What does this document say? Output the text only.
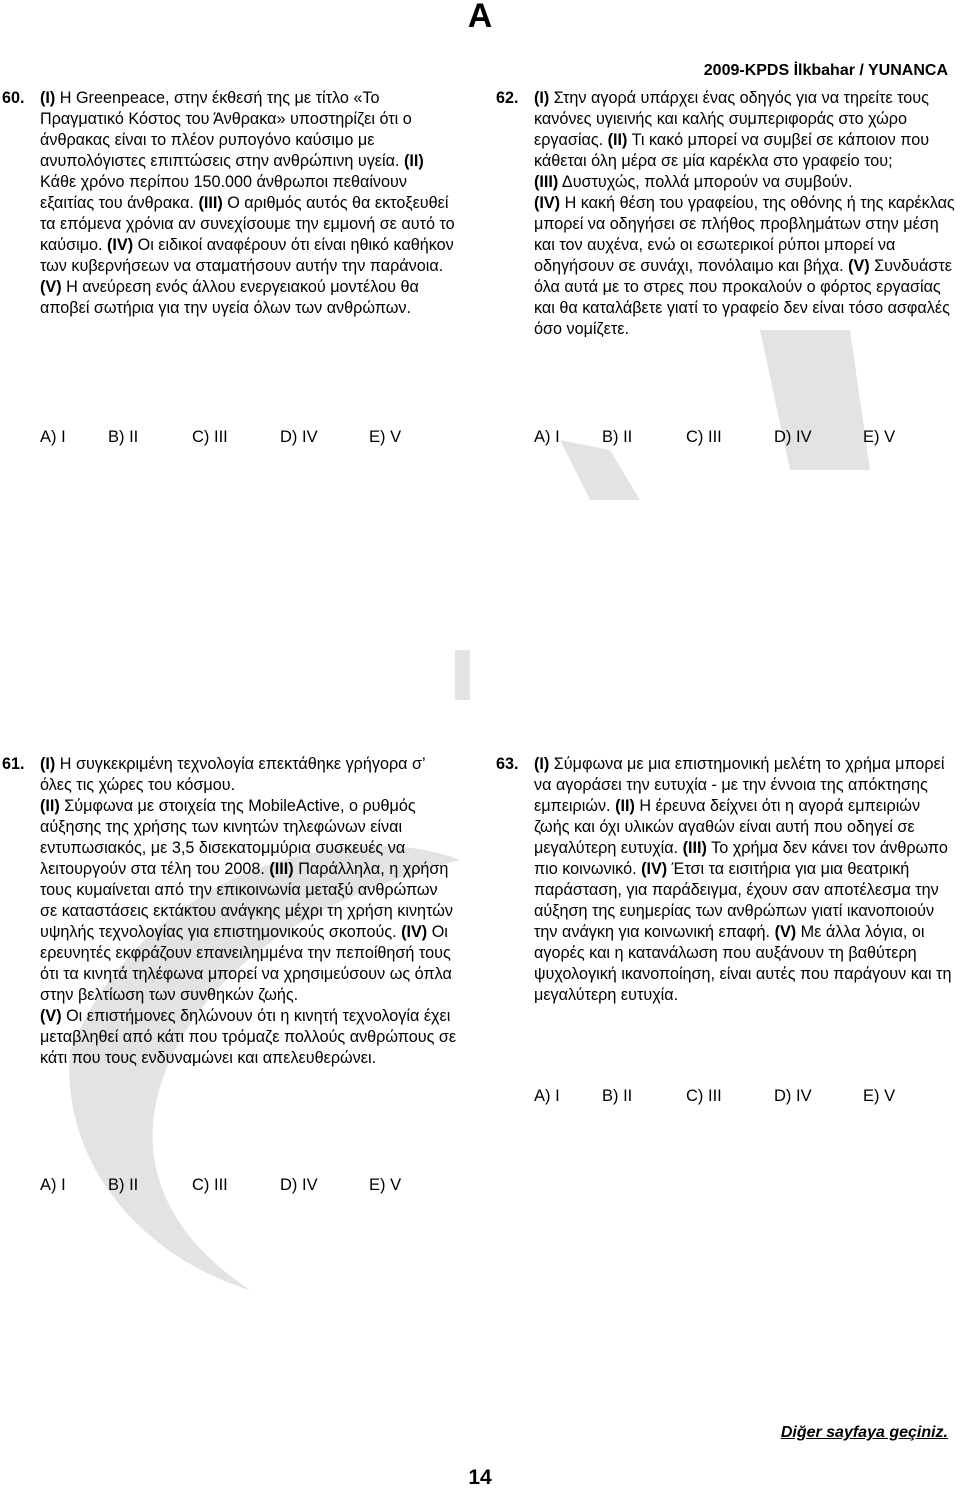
A
2009-KPDS İlkbahar / YUNANCA
60. (I) Η Greenpeace, στην έκθεσή της με τίτλο «Το Πραγματικό Κόστος του Άνθρακα» υποστηρίζει ότι ο άνθρακας είναι το πλέον ρυπογόνο καύσιμο με ανυπολόγιστες επιπτώσεις στην ανθρώπινη υγεία. (II) Κάθε χρόνο περίπου 150.000 άνθρωποι πεθαίνουν εξαιτίας του άνθρακα. (III) Ο αριθμός αυτός θα εκτοξευθεί τα επόμενα χρόνια αν συνεχίσουμε την εμμονή σε αυτό το καύσιμο. (IV) Οι ειδικοί αναφέρουν ότι είναι ηθικό καθήκον των κυβερνήσεων να σταματήσουν αυτήν την παράνοια. (V) Η ανεύρεση ενός άλλου ενεργειακού μοντέλου θα αποβεί σωτήρια για την υγεία όλων των ανθρώπων.
A) I	B) II	C) III	D) IV	E) V
62. (I) Στην αγορά υπάρχει ένας οδηγός για να τηρείτε τους κανόνες υγιεινής και καλής συμπεριφοράς στο χώρο εργασίας. (II) Τι κακό μπορεί να συμβεί σε κάποιον που κάθεται όλη μέρα σε μία καρέκλα στο γραφείο του;
(III) Δυστυχώς, πολλά μπορούν να συμβούν.
(IV) Η κακή θέση του γραφείου, της οθόνης ή της καρέκλας μπορεί να οδηγήσει σε πλήθος προβλημάτων στην μέση και τον αυχένα, ενώ οι εσωτερικοί ρύποι μπορεί να οδηγήσουν σε συνάχι, πονόλαιμο και βήχα. (V) Συνδυάστε όλα αυτά με το στρες που προκαλούν ο φόρτος εργασίας και θα καταλάβετε γιατί το γραφείο δεν είναι τόσο ασφαλές όσο νομίζετε.
A) I	B) II	C) III	D) IV	E) V
61. (I) Η συγκεκριμένη τεχνολογία επεκτάθηκε γρήγορα σ’ όλες τις χώρες του κόσμου.
(II) Σύμφωνα με στοιχεία της MobileActive, ο ρυθμός αύξησης της χρήσης των κινητών τηλεφώνων είναι εντυπωσιακός, με 3,5 δισεκατομμύρια συσκευές να λειτουργούν στα τέλη του 2008. (III) Παράλληλα, η χρήση τους κυμαίνεται από την επικοινωνία μεταξύ ανθρώπων σε καταστάσεις εκτάκτου ανάγκης μέχρι τη χρήση κινητών υψηλής τεχνολογίας για επιστημονικούς σκοπούς. (IV) Οι ερευνητές εκφράζουν επανειλημμένα την πεποίθησή τους ότι τα κινητά τηλέφωνα μπορεί να χρησιμεύσουν ως όπλα στην βελτίωση των συνθηκών ζωής.
(V) Οι επιστήμονες δηλώνουν ότι η κινητή τεχνολογία έχει μεταβληθεί από κάτι που τρόμαζε πολλούς ανθρώπους σε κάτι που τους ενδυναμώνει και απελευθερώνει.
A) I	B) II	C) III	D) IV	E) V
63. (I) Σύμφωνα με μια επιστημονική μελέτη το χρήμα μπορεί να αγοράσει την ευτυχία - με την έννοια της απόκτησης εμπειριών. (II) Η έρευνα δείχνει ότι η αγορά εμπειριών ζωής και όχι υλικών αγαθών είναι αυτή που οδηγεί σε μεγαλύτερη ευτυχία. (III) Το χρήμα δεν κάνει τον άνθρωπο πιο κοινωνικό. (IV) Έτσι τα εισιτήρια για μια θεατρική παράσταση, για παράδειγμα, έχουν σαν αποτέλεσμα την αύξηση της ευημερίας των ανθρώπων γιατί ικανοποιούν την ανάγκη για κοινωνική επαφή. (V) Με άλλα λόγια, οι αγορές και η κατανάλωση που αυξάνουν τη βαθύτερη ψυχολογική ικανοποίηση, είναι αυτές που παράγουν και τη μεγαλύτερη ευτυχία.
A) I	B) II	C) III	D) IV	E) V
Diğer sayfaya geçiniz.
14
